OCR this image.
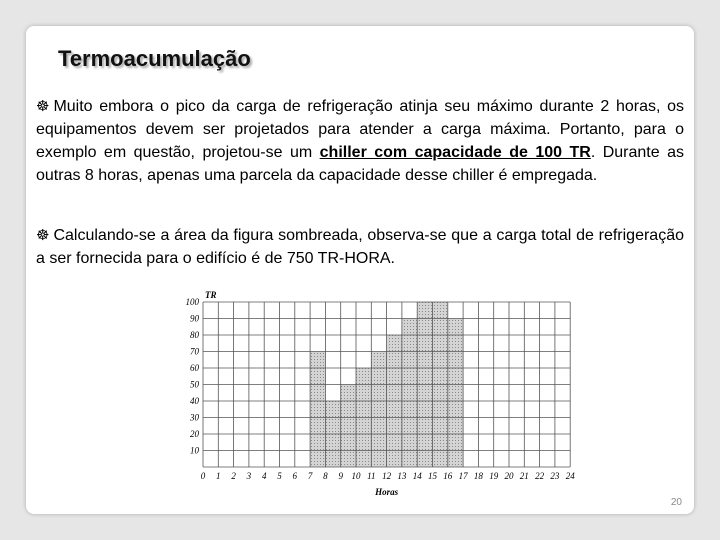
Termoacumulação
☸ Muito embora o pico da carga de refrigeração atinja seu máximo durante 2 horas, os equipamentos devem ser projetados para atender a carga máxima. Portanto, para o exemplo em questão, projetou-se um chiller com capacidade de 100 TR. Durante as outras 8 horas, apenas uma parcela da capacidade desse chiller é empregada.
☸ Calculando-se a área da figura sombreada, observa-se que a carga total de refrigeração a ser fornecida para o edifício é de 750 TR-HORA.
10
20
30
40
50
60
70
80
90
100
0 1 2 3 4 5 6 7 8 9 10 11 12 13 14 15 16 17 18 19 20 21 22 23 24
TR
Horas
20
